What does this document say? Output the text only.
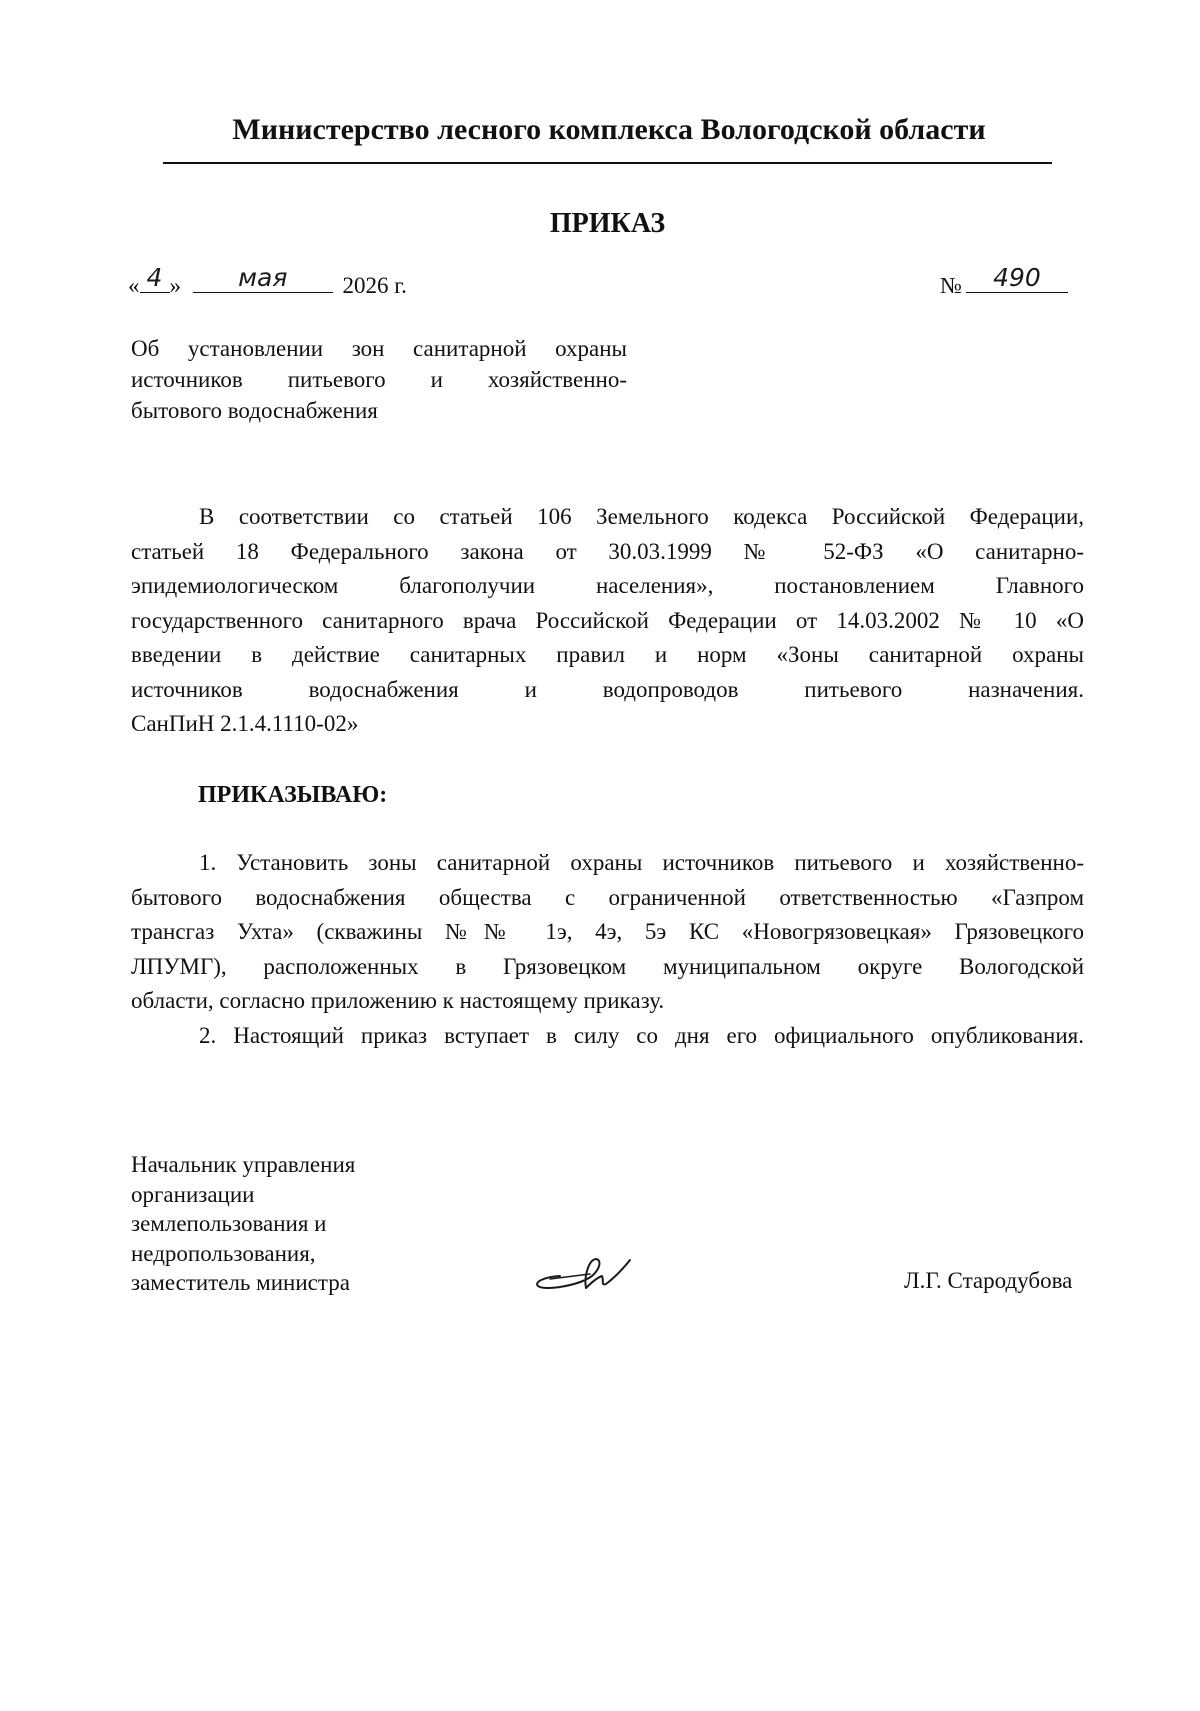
Министерство лесного комплекса Вологодской области
ПРИКАЗ
« 4 »	мая	2026 г.	№	490
Об установлении зон санитарной охраны
источников питьевого и хозяйственно-
бытового водоснабжения
В соответствии со статьей 106 Земельного кодекса Российской Федерации,
статьей 18 Федерального закона от 30.03.1999 № 52-ФЗ «О санитарно-
эпидемиологическом благополучии населения», постановлением Главного
государственного санитарного врача Российской Федерации от 14.03.2002 № 10 «О
введении в действие санитарных правил и норм «Зоны санитарной охраны
источников водоснабжения и водопроводов питьевого назначения.
СанПиН 2.1.4.1110-02»
ПРИКАЗЫВАЮ:
1. Установить зоны санитарной охраны источников питьевого и хозяйственно-
бытового водоснабжения общества с ограниченной ответственностью «Газпром
трансгаз Ухта» (скважины №№ 1э, 4э, 5э КС «Новогрязовецкая» Грязовецкого
ЛПУМГ), расположенных в Грязовецком муниципальном округе Вологодской
области, согласно приложению к настоящему приказу.
2. Настоящий приказ вступает в силу со дня его официального опубликования.
Начальник управления
организации
землепользования и
недропользования,
заместитель министра	Л.Г. Стародубова
